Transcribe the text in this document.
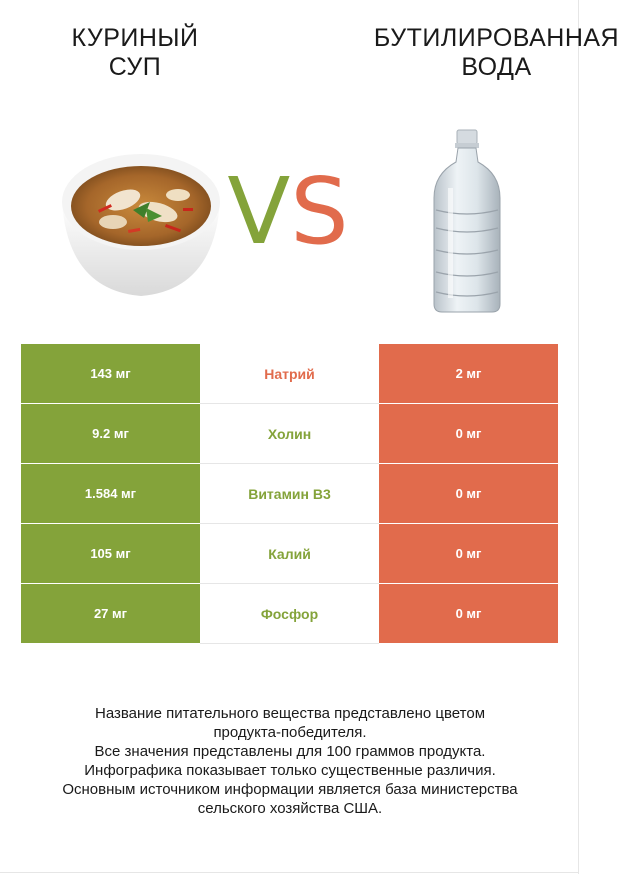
КУРИНЫЙ
СУП
БУТИЛИРОВАННАЯ
ВОДА
VS
143 мг	Натрий	2 мг
9.2 мг	Холин	0 мг
1.584 мг	Витамин B3	0 мг
105 мг	Калий	0 мг
27 мг	Фосфор	0 мг
Название питательного вещества представлено цветом
продукта-победителя.
Все значения представлены для 100 граммов продукта.
Инфографика показывает только существенные различия.
Основным источником информации является база министерства
сельского хозяйства США.
